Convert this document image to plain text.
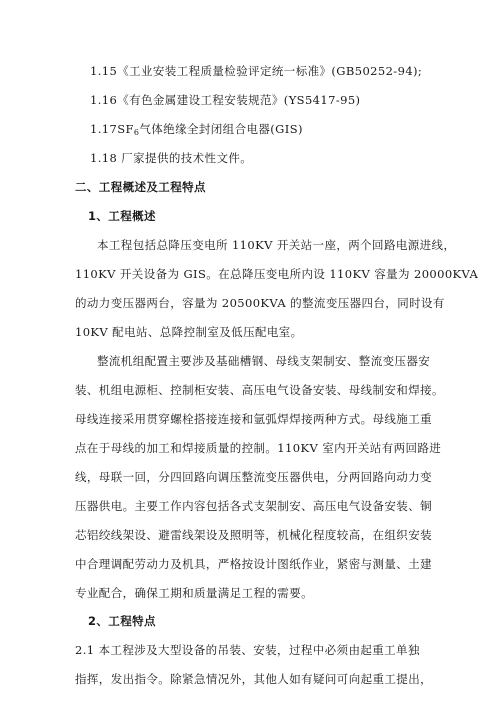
1.15《工业安装工程质量检验评定统一标准》(GB50252-94);
1.16《有色金属建设工程安装规范》(YS5417-95)
$1.17SF_6$气体绝缘全封闭组合电器(GIS)
1.18 厂家提供的技术性文件。
二、工程概述及工程特点
1、工程概述
本工程包括总降压变电所 110KV 开关站一座，两个回路电源进线，
110KV 开关设备为 GIS。在总降压变电所内设 110KV 容量为 20000KVA
的动力变压器两台，容量为 20500KVA 的整流变压器四台，同时设有
10KV 配电站、总降控制室及低压配电室。
整流机组配置主要涉及基础槽钢、母线支架制安、整流变压器安
装、机组电源柜、控制柜安装、高压电气设备安装、母线制安和焊接。
母线连接采用贯穿螺栓搭接连接和氩弧焊焊接两种方式。母线施工重
点在于母线的加工和焊接质量的控制。110KV 室内开关站有两回路进
线，母联一回，分四回路向调压整流变压器供电，分两回路向动力变
压器供电。主要工作内容包括各式支架制安、高压电气设备安装、铜
芯铝绞线架设、避雷线架设及照明等，机械化程度较高，在组织安装
中合理调配劳动力及机具，严格按设计图纸作业，紧密与测量、土建
专业配合，确保工期和质量满足工程的需要。
2、工程特点
2.1 本工程涉及大型设备的吊装、安装，过程中必须由起重工单独
指挥，发出指令。除紧急情况外，其他人如有疑问可向起重工提出，
